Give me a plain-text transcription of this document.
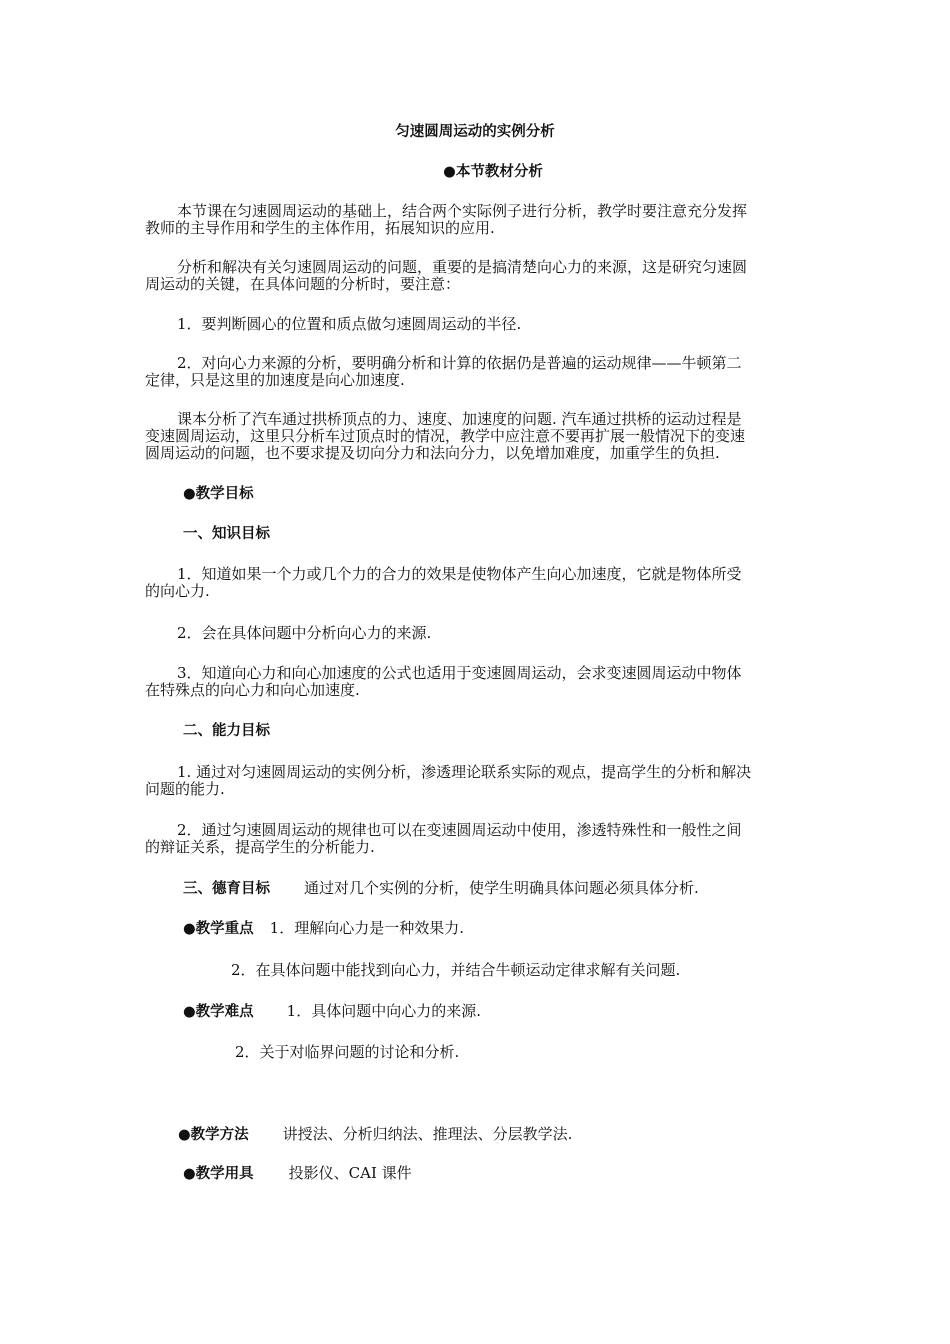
匀速圆周运动的实例分析

●本节教材分析

本节课在匀速圆周运动的基础上，结合两个实际例子进行分析，教学时要注意充分发挥

教师的主导作用和学生的主体作用，拓展知识的应用.

分析和解决有关匀速圆周运动的问题，重要的是搞清楚向心力的来源，这是研究匀速圆

周运动的关键，在具体问题的分析时，要注意：

1．要判断圆心的位置和质点做匀速圆周运动的半径.

2．对向心力来源的分析，要明确分析和计算的依据仍是普遍的运动规律——牛顿第二

定律，只是这里的加速度是向心加速度.

课本分析了汽车通过拱桥顶点的力、速度、加速度的问题. 汽车通过拱桥的运动过程是

变速圆周运动，这里只分析车过顶点时的情况，教学中应注意不要再扩展一般情况下的变速

圆周运动的问题，也不要求提及切向分力和法向分力，以免增加难度，加重学生的负担.

●教学目标

一、知识目标

1．知道如果一个力或几个力的合力的效果是使物体产生向心加速度，它就是物体所受

的向心力.

2．会在具体问题中分析向心力的来源.

3．知道向心力和向心加速度的公式也适用于变速圆周运动，会求变速圆周运动中物体

在特殊点的向心力和向心加速度.

二、能力目标

1. 通过对匀速圆周运动的实例分析，渗透理论联系实际的观点，提高学生的分析和解决

问题的能力.

2．通过匀速圆周运动的规律也可以在变速圆周运动中使用，渗透特殊性和一般性之间

的辩证关系，提高学生的分析能力.

三、德育目标 通过对几个实例的分析，使学生明确具体问题必须具体分析.

●教学重点 1．理解向心力是一种效果力.

2．在具体问题中能找到向心力，并结合牛顿运动定律求解有关问题.

●教学难点 1．具体问题中向心力的来源.

2．关于对临界问题的讨论和分析.

●教学方法 讲授法、分析归纳法、推理法、分层教学法.

●教学用具 投影仪、CAI 课件
